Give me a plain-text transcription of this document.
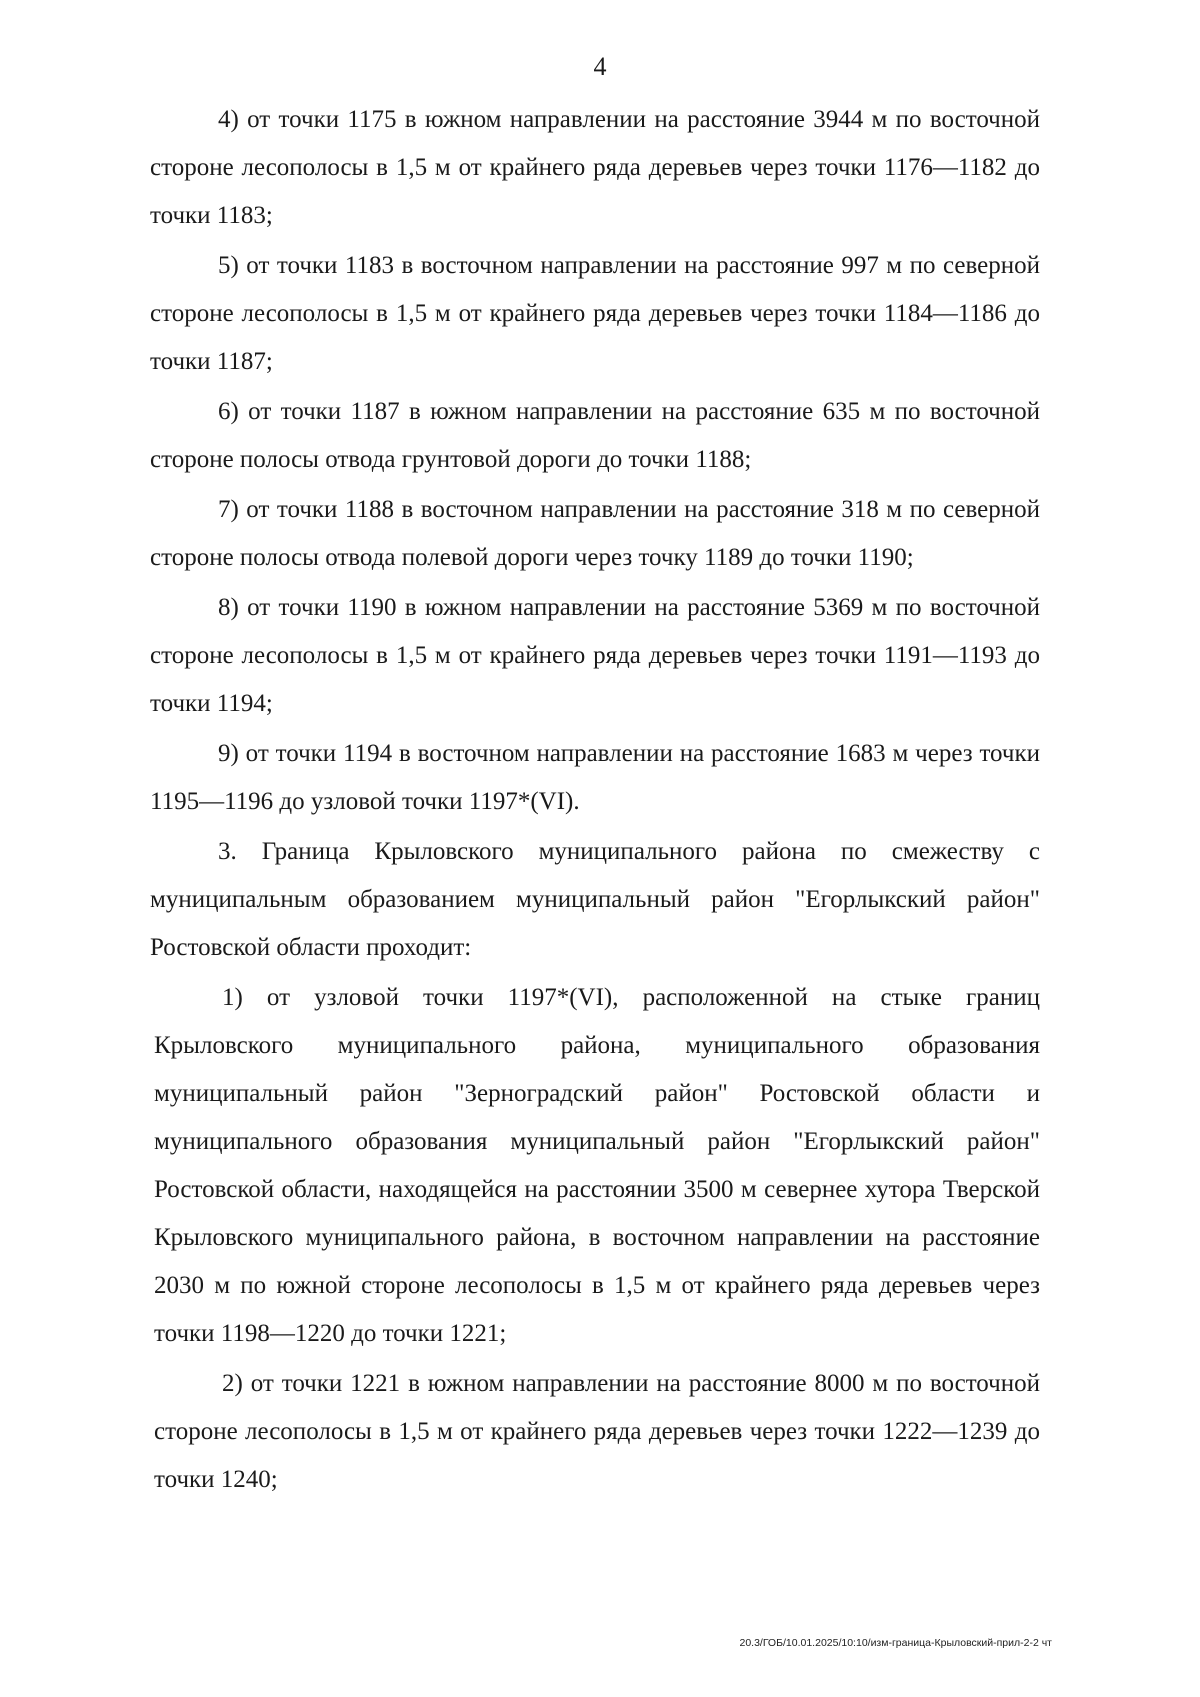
4

4) от точки 1175 в южном направлении на расстояние 3944 м по восточной стороне лесополосы в 1,5 м от крайнего ряда деревьев через точки 1176—1182 до точки 1183;

5) от точки 1183 в восточном направлении на расстояние 997 м по северной стороне лесополосы в 1,5 м от крайнего ряда деревьев через точки 1184—1186 до точки 1187;

6) от точки 1187 в южном направлении на расстояние 635 м по восточной стороне полосы отвода грунтовой дороги до точки 1188;

7) от точки 1188 в восточном направлении на расстояние 318 м по северной стороне полосы отвода полевой дороги через точку 1189 до точки 1190;

8) от точки 1190 в южном направлении на расстояние 5369 м по восточной стороне лесополосы в 1,5 м от крайнего ряда деревьев через точки 1191—1193 до точки 1194;

9) от точки 1194 в восточном направлении на расстояние 1683 м через точки 1195—1196 до узловой точки 1197*(VI).

3. Граница Крыловского муниципального района по смежеству с муниципальным образованием муниципальный район "Егорлыкский район" Ростовской области проходит:

1) от узловой точки 1197*(VI), расположенной на стыке границ Крыловского муниципального района, муниципального образования муниципальный район "Зерноградский район" Ростовской области и муниципального образования муниципальный район "Егорлыкский район" Ростовской области, находящейся на расстоянии 3500 м севернее хутора Тверской Крыловского муниципального района, в восточном направлении на расстояние 2030 м по южной стороне лесополосы в 1,5 м от крайнего ряда деревьев через точки 1198—1220 до точки 1221;

2) от точки 1221 в южном направлении на расстояние 8000 м по восточной стороне лесополосы в 1,5 м от крайнего ряда деревьев через точки 1222—1239 до точки 1240;

20.3/ГОБ/10.01.2025/10:10/изм-граница-Крыловский-прил-2-2 чт
